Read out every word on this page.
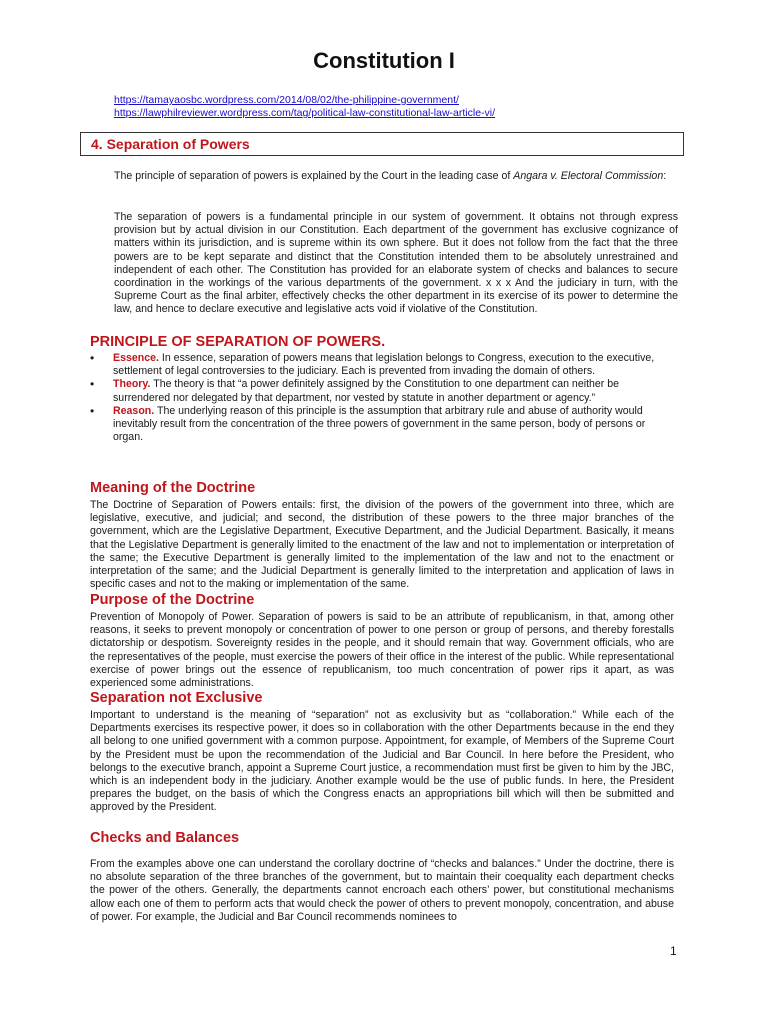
Constitution I
https://tamayaosbc.wordpress.com/2014/08/02/the-philippine-government/
https://lawphilreviewer.wordpress.com/tag/political-law-constitutional-law-article-vi/
4. Separation of Powers
The principle of separation of powers is explained by the Court in the leading case of Angara v. Electoral Commission:
The separation of powers is a fundamental principle in our system of government. It obtains not through express provision but by actual division in our Constitution. Each department of the government has exclusive cognizance of matters within its jurisdiction, and is supreme within its own sphere. But it does not follow from the fact that the three powers are to be kept separate and distinct that the Constitution intended them to be absolutely unrestrained and independent of each other. The Constitution has provided for an elaborate system of checks and balances to secure coordination in the workings of the various departments of the government. x x x And the judiciary in turn, with the Supreme Court as the final arbiter, effectively checks the other department in its exercise of its power to determine the law, and hence to declare executive and legislative acts void if violative of the Constitution.
PRINCIPLE OF SEPARATION OF POWERS.
• Essence. In essence, separation of powers means that legislation belongs to Congress, execution to the executive, settlement of legal controversies to the judiciary. Each is prevented from invading the domain of others.
• Theory. The theory is that “a power definitely assigned by the Constitution to one department can neither be surrendered nor delegated by that department, nor vested by statute in another department or agency.”
• Reason. The underlying reason of this principle is the assumption that arbitrary rule and abuse of authority would inevitably result from the concentration of the three powers of government in the same person, body of persons or organ.
Meaning of the Doctrine
The Doctrine of Separation of Powers entails: first, the division of the powers of the government into three, which are legislative, executive, and judicial; and second, the distribution of these powers to the three major branches of the government, which are the Legislative Department, Executive Department, and the Judicial Department. Basically, it means that the Legislative Department is generally limited to the enactment of the law and not to implementation or interpretation of the same; the Executive Department is generally limited to the implementation of the law and not to the enactment or interpretation of the same; and the Judicial Department is generally limited to the interpretation and application of laws in specific cases and not to the making or implementation of the same.
Purpose of the Doctrine
Prevention of Monopoly of Power. Separation of powers is said to be an attribute of republicanism, in that, among other reasons, it seeks to prevent monopoly or concentration of power to one person or group of persons, and thereby forestalls dictatorship or despotism. Sovereignty resides in the people, and it should remain that way. Government officials, who are the representatives of the people, must exercise the powers of their office in the interest of the public. While representational exercise of power brings out the essence of republicanism, too much concentration of power rips it apart, as was experienced some administrations.
Separation not Exclusive
Important to understand is the meaning of “separation” not as exclusivity but as “collaboration.” While each of the Departments exercises its respective power, it does so in collaboration with the other Departments because in the end they all belong to one unified government with a common purpose. Appointment, for example, of Members of the Supreme Court by the President must be upon the recommendation of the Judicial and Bar Council. In here before the President, who belongs to the executive branch, appoint a Supreme Court justice, a recommendation must first be given to him by the JBC, which is an independent body in the judiciary. Another example would be the use of public funds. In here, the President prepares the budget, on the basis of which the Congress enacts an appropriations bill which will then be submitted and approved by the President.
Checks and Balances
From the examples above one can understand the corollary doctrine of “checks and balances.” Under the doctrine, there is no absolute separation of the three branches of the government, but to maintain their coequality each department checks the power of the others. Generally, the departments cannot encroach each others’ power, but constitutional mechanisms allow each one of them to perform acts that would check the power of others to prevent monopoly, concentration, and abuse of power. For example, the Judicial and Bar Council recommends nominees to
1
